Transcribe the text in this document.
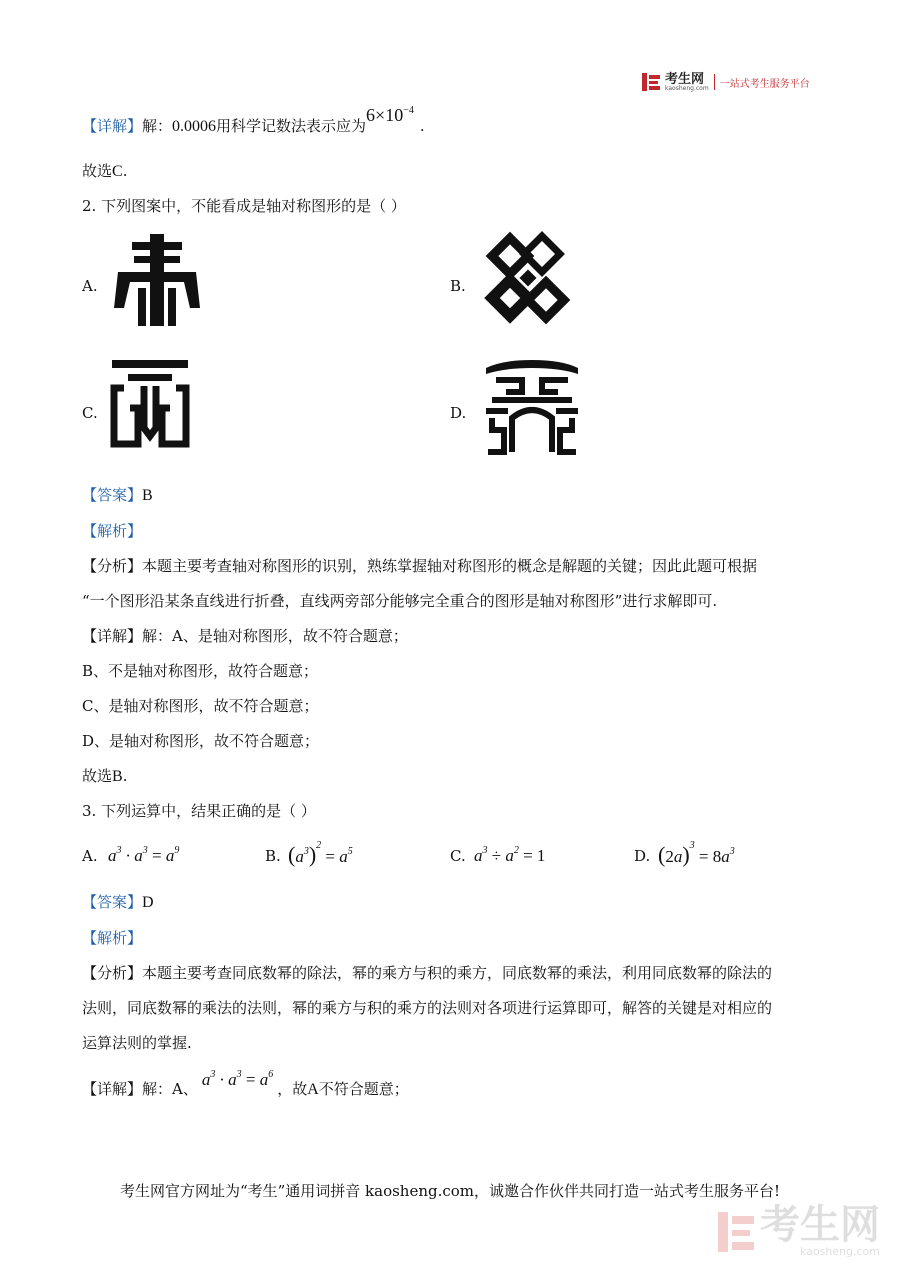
考生网
kaosheng.com 一站式考生服务平台
【详解】解：0.0006用科学记数法表示应为$6\times 10^{-4}$.
故选C.
2. 下列图案中，不能看成是轴对称图形的是（ ）
A.	B.
C.	D.
【答案】B
【解析】
【分析】本题主要考查轴对称图形的识别，熟练掌握轴对称图形的概念是解题的关键；因此此题可根据
“一个图形沿某条直线进行折叠，直线两旁部分能够完全重合的图形是轴对称图形”进行求解即可.
【详解】解：A、是轴对称图形，故不符合题意；
B、不是轴对称图形，故符合题意；
C、是轴对称图形，故不符合题意；
D、是轴对称图形，故不符合题意；
故选B.
3. 下列运算中，结果正确的是（ ）
A. $a^3 \cdot a^3 = a^9$	B. $(a^3)^2 = a^5$	C. $a^3 \div a^2 = 1$	D. $(2a)^3 = 8a^3$
【答案】D
【解析】
【分析】本题主要考查同底数幂的除法，幂的乘方与积的乘方，同底数幂的乘法，利用同底数幂的除法的
法则，同底数幂的乘法的法则，幂的乘方与积的乘方的法则对各项进行运算即可，解答的关键是对相应的
运算法则的掌握.
【详解】解：A、 $a^3 \cdot a^3 = a^6$，故A不符合题意；
考生网官方网址为“考生”通用词拼音 kaosheng.com，诚邀合作伙伴共同打造一站式考生服务平台!
考生网
kaosheng.com
